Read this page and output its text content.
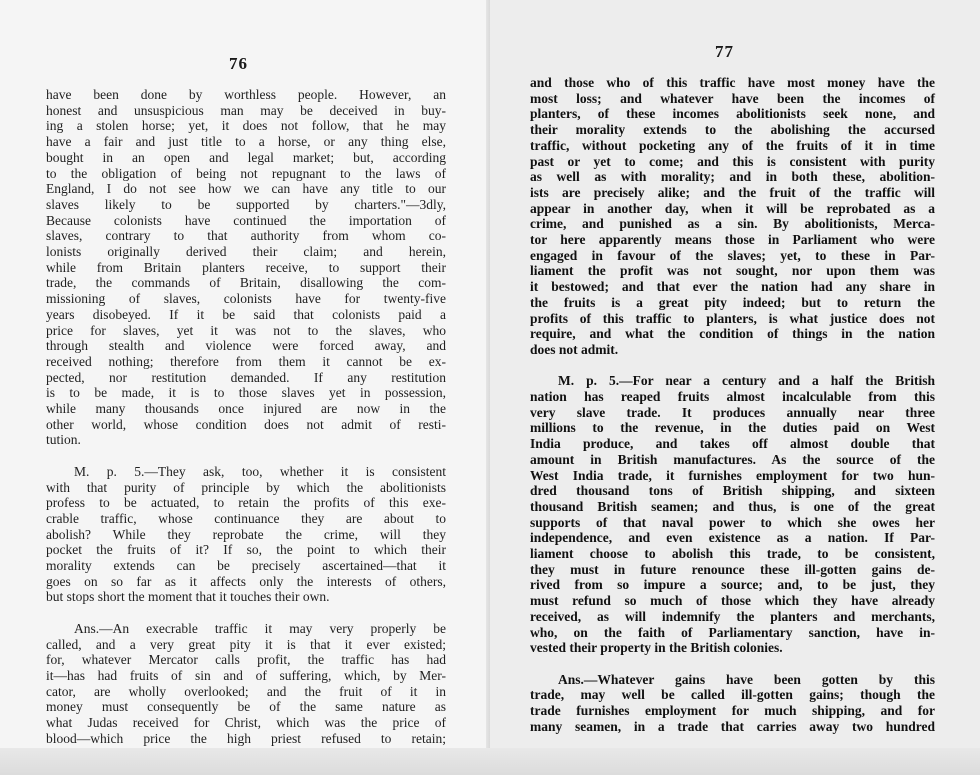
76

have been done by worthless people. However, an

honest and unsuspicious man may be deceived in buy-

ing a stolen horse; yet, it does not follow, that he may

have a fair and just title to a horse, or any thing else,

bought in an open and legal market; but, according

to the obligation of being not repugnant to the laws of

England, I do not see how we can have any title to our

slaves likely to be supported by charters."—3dly,

Because colonists have continued the importation of

slaves, contrary to that authority from whom co-

lonists originally derived their claim; and herein,

while from Britain planters receive, to support their

trade, the commands of Britain, disallowing the com-

missioning of slaves, colonists have for twenty-five

years disobeyed. If it be said that colonists paid a

price for slaves, yet it was not to the slaves, who

through stealth and violence were forced away, and

received nothing; therefore from them it cannot be ex-

pected, nor restitution demanded. If any restitution

is to be made, it is to those slaves yet in possession,

while many thousands once injured are now in the

other world, whose condition does not admit of resti-

tution.

M. p. 5.—They ask, too, whether it is consistent

with that purity of principle by which the abolitionists

profess to be actuated, to retain the profits of this exe-

crable traffic, whose continuance they are about to

abolish? While they reprobate the crime, will they

pocket the fruits of it? If so, the point to which their

morality extends can be precisely ascertained—that it

goes on so far as it affects only the interests of others,

but stops short the moment that it touches their own.

Ans.—An execrable traffic it may very properly be

called, and a very great pity it is that it ever existed;

for, whatever Mercator calls profit, the traffic has had

it—has had fruits of sin and of suffering, which, by Mer-

cator, are wholly overlooked; and the fruit of it in

money must consequently be of the same nature as

what Judas received for Christ, which was the price of

blood—which price the high priest refused to retain;

77

and those who of this traffic have most money have the

most loss; and whatever have been the incomes of

planters, of these incomes abolitionists seek none, and

their morality extends to the abolishing the accursed

traffic, without pocketing any of the fruits of it in time

past or yet to come; and this is consistent with purity

as well as with morality; and in both these, abolition-

ists are precisely alike; and the fruit of the traffic will

appear in another day, when it will be reprobated as a

crime, and punished as a sin. By abolitionists, Merca-

tor here apparently means those in Parliament who were

engaged in favour of the slaves; yet, to these in Par-

liament the profit was not sought, nor upon them was

it bestowed; and that ever the nation had any share in

the fruits is a great pity indeed; but to return the

profits of this traffic to planters, is what justice does not

require, and what the condition of things in the nation

does not admit.

M. p. 5.—For near a century and a half the British

nation has reaped fruits almost incalculable from this

very slave trade. It produces annually near three

millions to the revenue, in the duties paid on West

India produce, and takes off almost double that

amount in British manufactures. As the source of the

West India trade, it furnishes employment for two hun-

dred thousand tons of British shipping, and sixteen

thousand British seamen; and thus, is one of the great

supports of that naval power to which she owes her

independence, and even existence as a nation. If Par-

liament choose to abolish this trade, to be consistent,

they must in future renounce these ill-gotten gains de-

rived from so impure a source; and, to be just, they

must refund so much of those which they have already

received, as will indemnify the planters and merchants,

who, on the faith of Parliamentary sanction, have in-

vested their property in the British colonies.

Ans.—Whatever gains have been gotten by this

trade, may well be called ill-gotten gains; though the

trade furnishes employment for much shipping, and for

many seamen, in a trade that carries away two hundred
